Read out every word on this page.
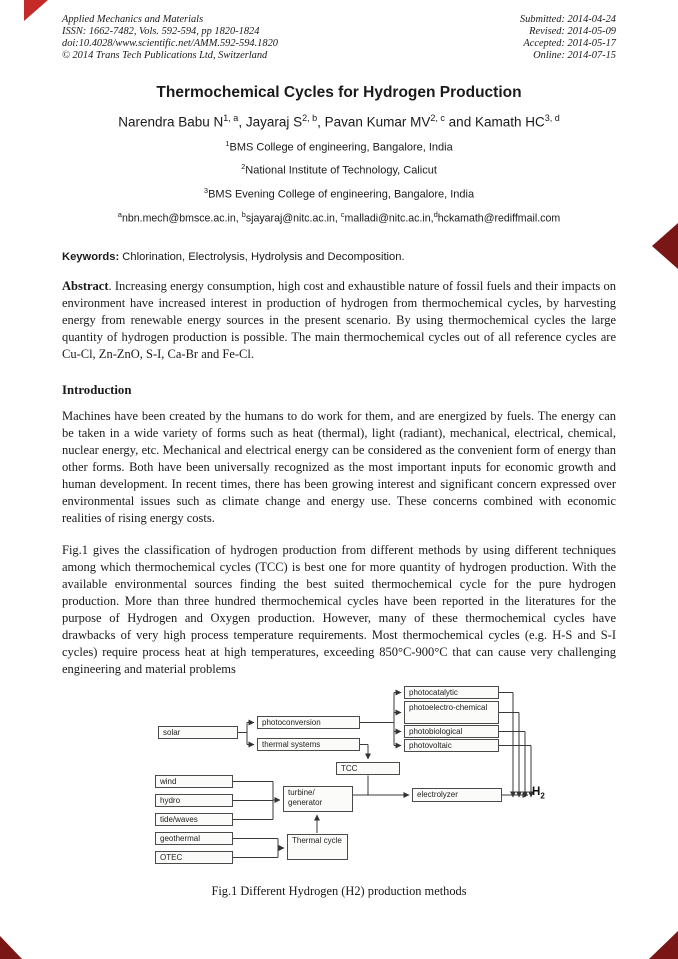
Applied Mechanics and Materials
ISSN: 1662-7482, Vols. 592-594, pp 1820-1824
doi:10.4028/www.scientific.net/AMM.592-594.1820
© 2014 Trans Tech Publications Ltd, Switzerland
Submitted: 2014-04-24
Revised: 2014-05-09
Accepted: 2014-05-17
Online: 2014-07-15
Thermochemical Cycles for Hydrogen Production
Narendra Babu N$^{1, a}$, Jayaraj S$^{2, b}$, Pavan Kumar MV$^{2, c}$ and Kamath HC$^{3, d}$
$^1$BMS College of engineering, Bangalore, India
$^2$National Institute of Technology, Calicut
$^3$BMS Evening College of engineering, Bangalore, India
$^a$nbn.mech@bmsce.ac.in, $^b$sjayaraj@nitc.ac.in, $^c$malladi@nitc.ac.in,$^d$hckamath@rediffmail.com
Keywords: Chlorination, Electrolysis, Hydrolysis and Decomposition.
Abstract. Increasing energy consumption, high cost and exhaustible nature of fossil fuels and their impacts on environment have increased interest in production of hydrogen from thermochemical cycles, by harvesting energy from renewable energy sources in the present scenario. By using thermochemical cycles the large quantity of hydrogen production is possible. The main thermochemical cycles out of all reference cycles are Cu-Cl, Zn-ZnO, S-I, Ca-Br and Fe-Cl.
Introduction
Machines have been created by the humans to do work for them, and are energized by fuels. The energy can be taken in a wide variety of forms such as heat (thermal), light (radiant), mechanical, electrical, chemical, nuclear energy, etc. Mechanical and electrical energy can be considered as the convenient form of energy than other forms. Both have been universally recognized as the most important inputs for economic growth and human development. In recent times, there has been growing interest and significant concern expressed over environmental issues such as climate change and energy use. These concerns combined with economic realities of rising energy costs.
Fig.1 gives the classification of hydrogen production from different methods by using different techniques among which thermochemical cycles (TCC) is best one for more quantity of hydrogen production. With the available environmental sources finding the best suited thermochemical cycle for the pure hydrogen production. More than three hundred thermochemical cycles have been reported in the literatures for the purpose of Hydrogen and Oxygen production. However, many of these thermochemical cycles have drawbacks of very high process temperature requirements. Most thermochemical cycles (e.g. H-S and S-I cycles) require process heat at high temperatures, exceeding 850°C-900°C that can cause very challenging engineering and material problems
solar
photoconversion
thermal systems
photocatalytic
photoelectro-chemical
photobiological
photovoltaic
TCC
wind
hydro
tide/waves
turbine/ generator
electrolyzer
geothermal
OTEC
Thermal cycle
$H_2$
Fig.1 Different Hydrogen (H2) production methods
